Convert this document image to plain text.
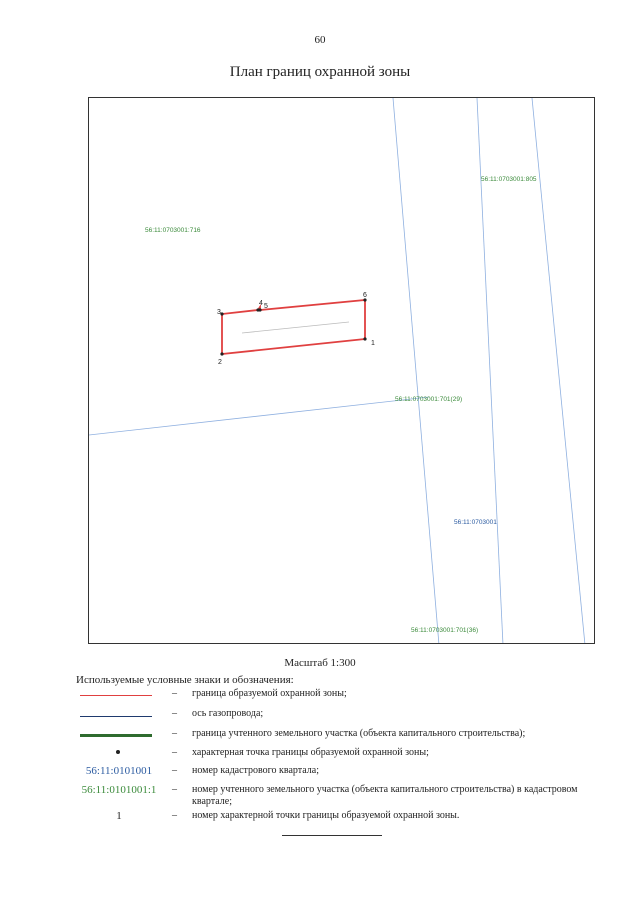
60
План границ охранной зоны
1
2
3
4 5
6
56:11:0703001:805
56:11:0703001:716
56:11:0703001:701(29)
56:11:0703001
56:11:0703001:701(36)
Масштаб 1:300
Используемые условные знаки и обозначения:
– граница образуемой охранной зоны;
– ось газопровода;
– граница учтенного земельного участка (объекта капитального строительства);
– характерная точка границы образуемой охранной зоны;
56:11:0101001	– номер кадастрового квартала;
56:11:0101001:1	– номер учтенного земельного участка (объекта капитального строительства) в кадастровом квартале;
1	– номер характерной точки границы образуемой охранной зоны.
